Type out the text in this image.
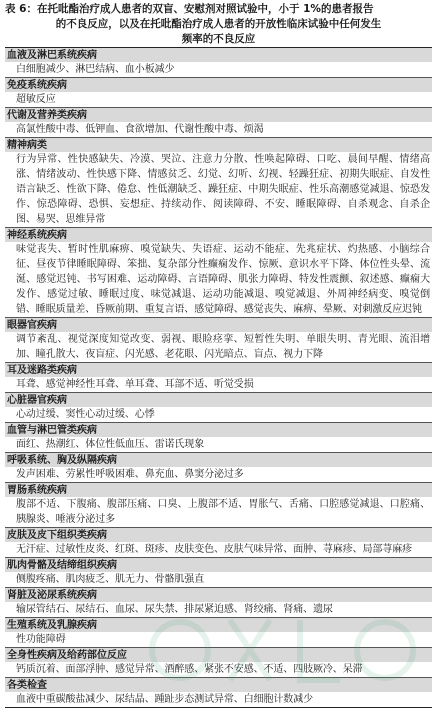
表 6：在托吡酯治疗成人患者的双盲、安慰剂对照试验中，小于 1%的患者报告
的不良反应，以及在托吡酯治疗成人患者的开放性临床试验中任何发生
频率的不良反应
血液及淋巴系统疾病
白细胞减少、淋巴结病、血小板减少
免疫系统疾病
超敏反应
代谢及营养类疾病
高氯性酸中毒、低钾血、食欲增加、代谢性酸中毒、烦渴
精神病类
行为异常、性快感缺失、冷漠、哭泣、注意力分散、性唤起障碍、口吃、晨间早醒、情绪高涨、情绪波动、性快感下降、情感贫乏、幻觉、幻听、幻视、轻躁狂症、初期失眠症、自发性语言缺乏、性欲下降、倦怠、性低潮缺乏、躁狂症、中期失眠症、性乐高潮感觉减退、惊恐发作、惊恐障碍、恐惧、妄想症、持续动作、阅读障碍、不安、睡眠障碍、自杀观念、自杀企图、易哭、思维异常
神经系统疾病
味觉丧失、暂时性肌麻痹、嗅觉缺失、失语症、运动不能症、先兆症状、灼热感、小脑综合征、昼夜节律睡眠障碍、笨拙、复杂部分性癫痫发作、惊厥、意识水平下降、体位性头晕、流涎、感觉迟钝、书写困难、运动障碍、言语障碍、肌张力障碍、特发性震颤、叙述感、癫痫大发作、感觉过敏、睡眠过度、味觉减退、运动功能减退、嗅觉减退、外周神经病变、嗅觉倒错、睡眠质量差、昏厥前期、重复言语、感觉障碍、感觉丧失、麻痹、晕厥、对刺激反应迟钝
眼器官疾病
调节紊乱、视觉深度知觉改变、弱视、眼睑痉挛、短暂性失明、单眼失明、青光眼、流泪增加、瞳孔散大、夜盲症、闪光感、老花眼、闪光暗点、盲点、视力下降
耳及迷路类疾病
耳聋、感觉神经性耳聋、单耳聋、耳部不适、听觉受损
心脏器官疾病
心动过缓、窦性心动过缓、心悸
血管与淋巴管类疾病
面红、热潮红、体位性低血压、雷诺氏现象
呼吸系统、胸及纵隔疾病
发声困难、劳累性呼吸困难、鼻充血、鼻窦分泌过多
胃肠系统疾病
腹部不适、下腹痛、腹部压痛、口臭、上腹部不适、胃胀气、舌痛、口腔感觉减退、口腔痛、胰腺炎、唾液分泌过多
皮肤及皮下组织类疾病
无汗症、过敏性皮炎、红斑、斑疹、皮肤变色、皮肤气味异常、面肿、荨麻疹、局部荨麻疹
肌肉骨骼及结缔组织疾病
侧腹疼痛、肌肉疲乏、肌无力、骨骼肌强直
肾脏及泌尿系统疾病
输尿管结石、尿结石、血尿、尿失禁、排尿紧迫感、肾绞痛、肾痛、遗尿
生殖系统及乳腺疾病
性功能障碍
全身性疾病及给药部位反应
钙质沉着、面部浮肿、感觉异常、酒醉感、紧张不安感、不适、四肢厥冷、呆滞
各类检查
血液中重碳酸盐减少、尿结晶、踵趾步态测试异常、白细胞计数减少
